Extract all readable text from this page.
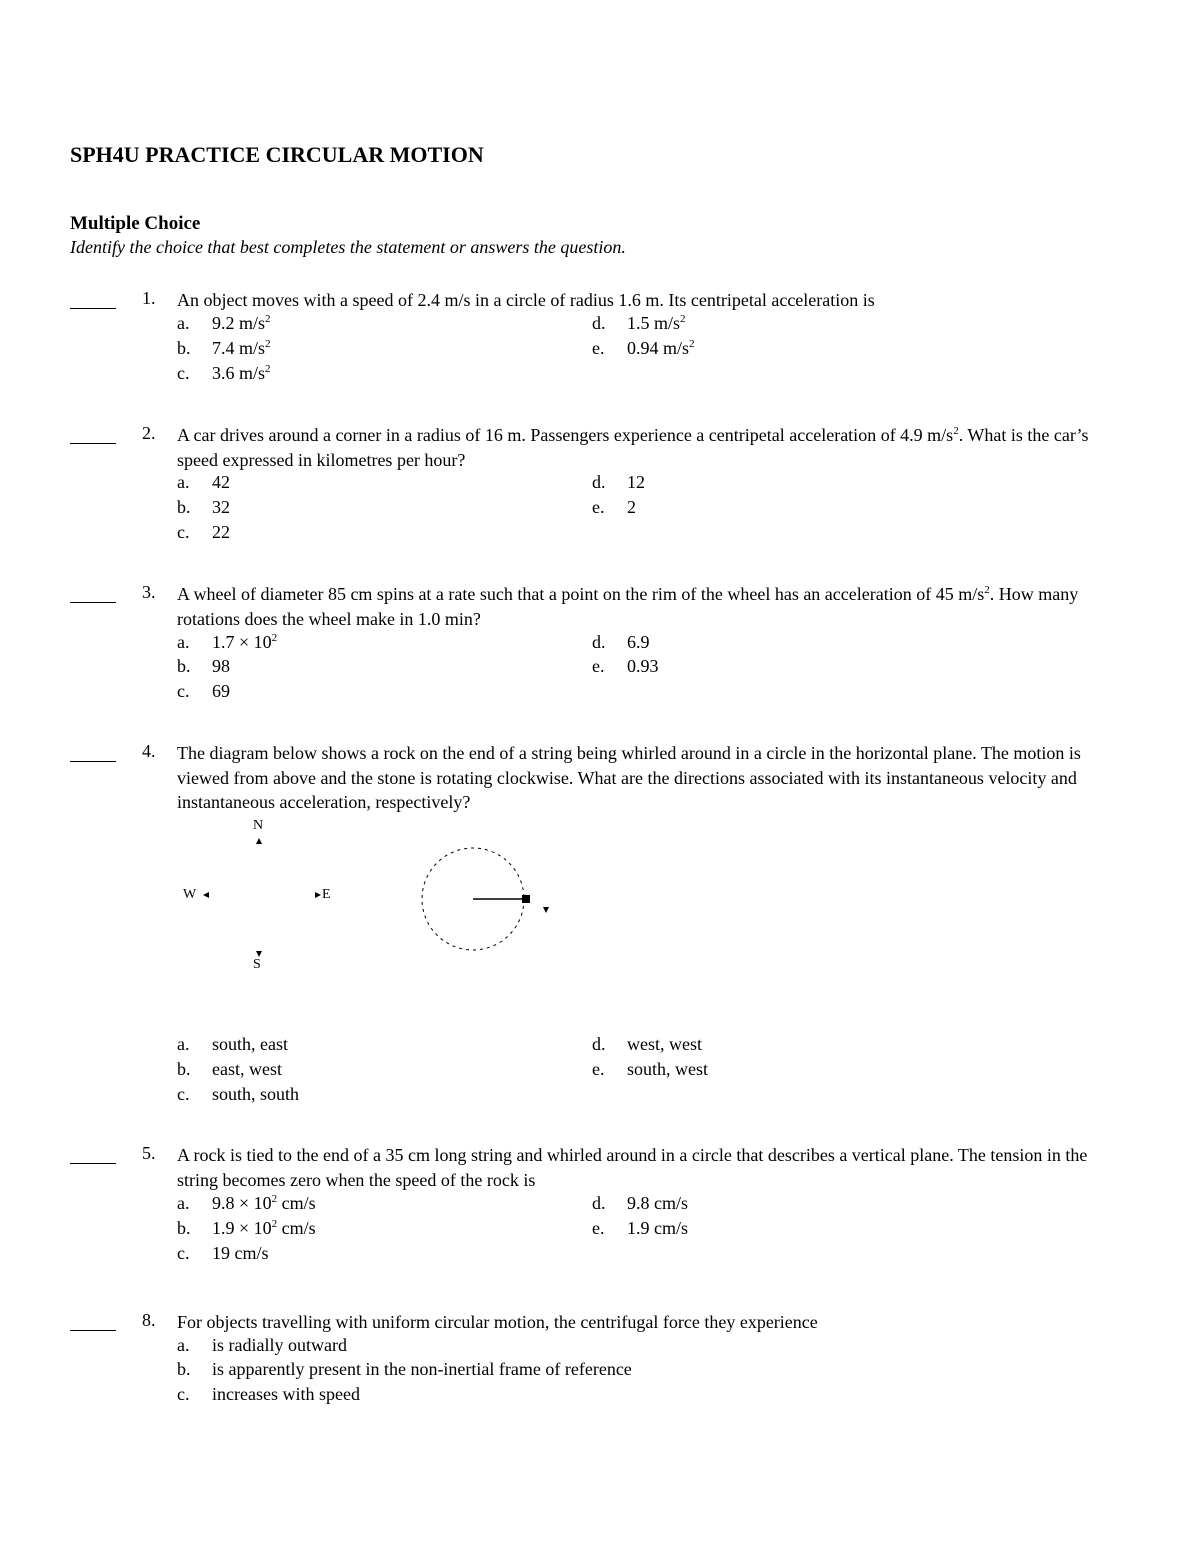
SPH4U PRACTICE CIRCULAR MOTION
Multiple Choice
Identify the choice that best completes the statement or answers the question.
1. An object moves with a speed of 2.4 m/s in a circle of radius 1.6 m. Its centripetal acceleration is

a. 9.2 $m/s^2$
b. 7.4 $m/s^2$
c. 3.6 $m/s^2$
d. 1.5 $m/s^2$
e. 0.94 $m/s^2$
2. A car drives around a corner in a radius of 16 m. Passengers experience a centripetal acceleration of 4.9 $m/s^2$. What is the car’s speed expressed in kilometres per hour?

a. 42
b. 32
c. 22
d. 12
e. 2
3. A wheel of diameter 85 cm spins at a rate such that a point on the rim of the wheel has an acceleration of 45 $m/s^2$. How many rotations does the wheel make in 1.0 min?

a. $1.7 \times 10^2$
b. 98
c. 69
d. 6.9
e. 0.93
4. The diagram below shows a rock on the end of a string being whirled around in a circle in the horizontal plane. The motion is viewed from above and the stone is rotating clockwise. What are the directions associated with its instantaneous velocity and instantaneous acceleration, respectively?

N
S
W	E
a. south, east
b. east, west
c. south, south
d. west, west
e. south, west
5. A rock is tied to the end of a 35 cm long string and whirled around in a circle that describes a vertical plane. The tension in the string becomes zero when the speed of the rock is

a. $9.8 \times 10^2$ cm/s
b. $1.9 \times 10^2$ cm/s
c. 19 cm/s
d. 9.8 cm/s
e. 1.9 cm/s
8. For objects travelling with uniform circular motion, the centrifugal force they experience

a. is radially outward
b. is apparently present in the non-inertial frame of reference
c. increases with speed
